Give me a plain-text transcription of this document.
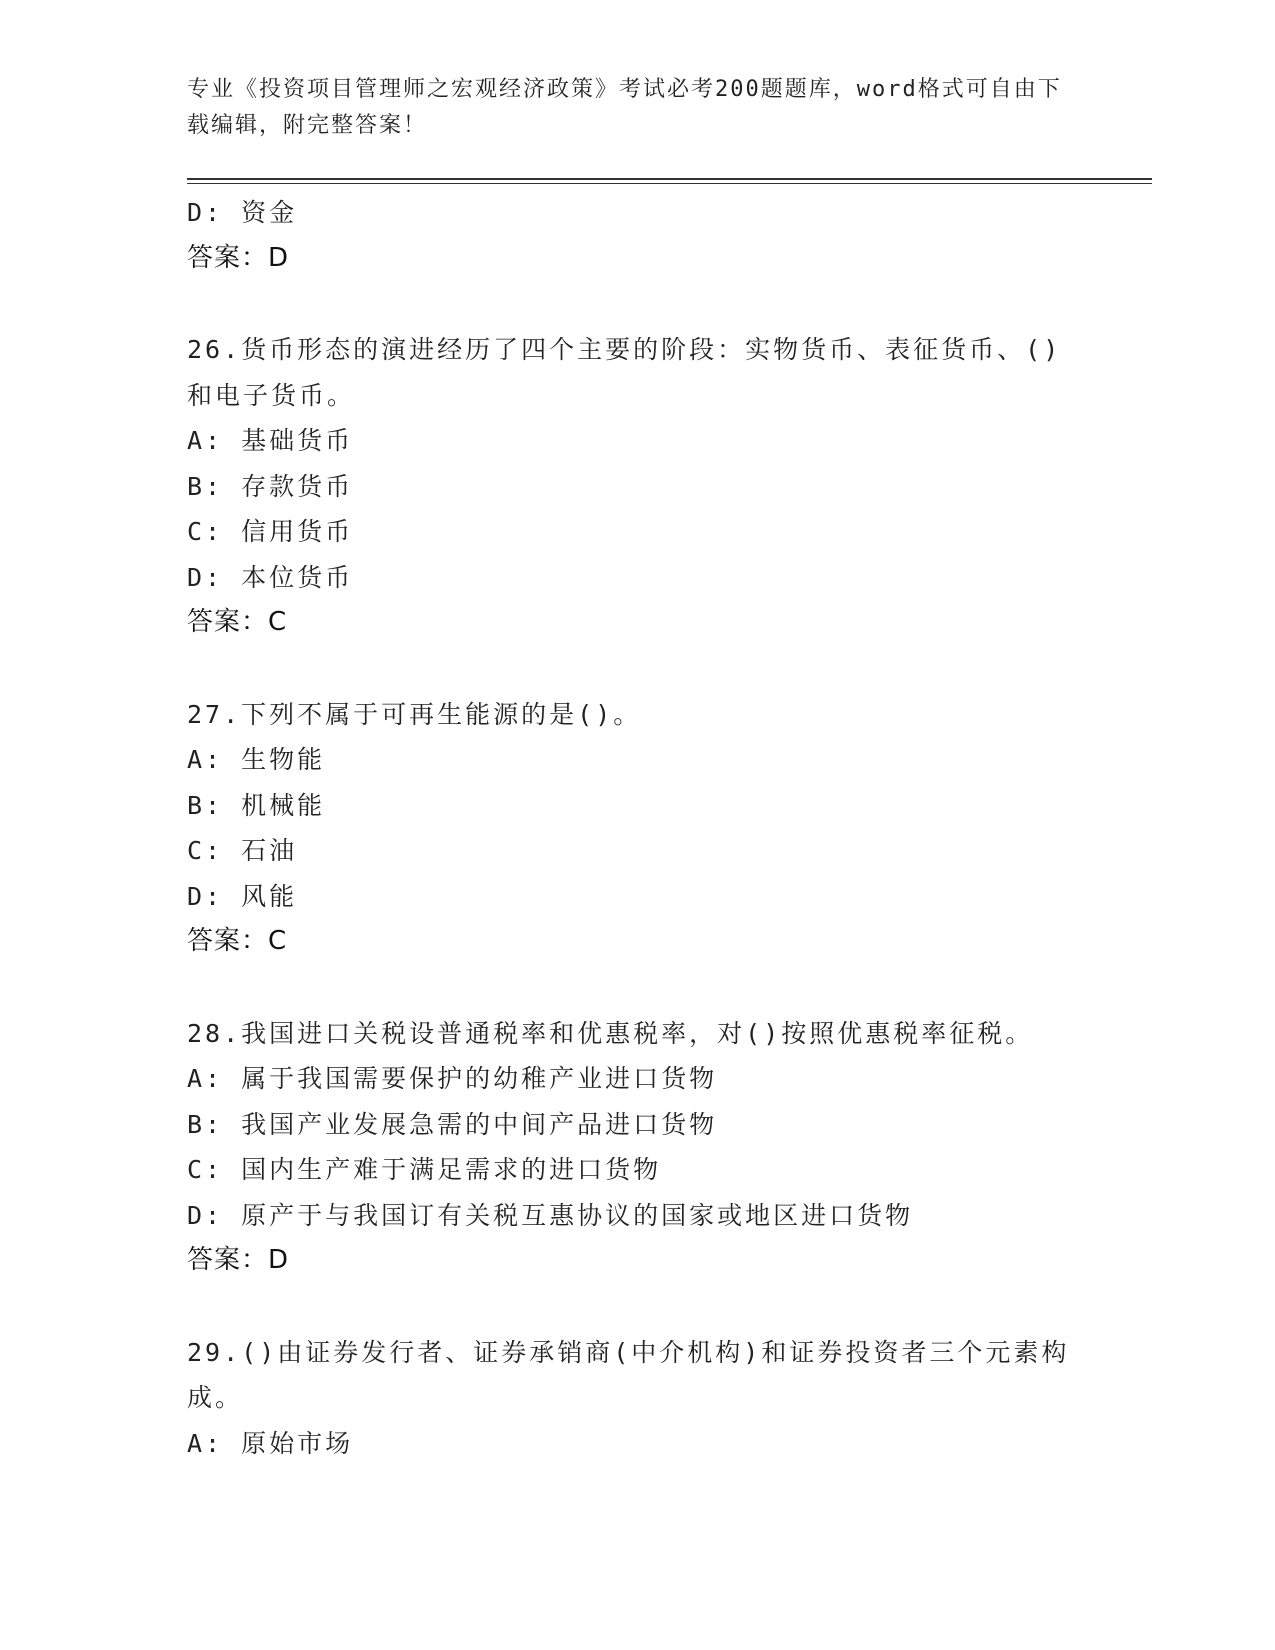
专业《投资项目管理师之宏观经济政策》考试必考200题题库，word格式可自由下载编辑，附完整答案！
D: 资金
答案：D
26.货币形态的演进经历了四个主要的阶段：实物货币、表征货币、()和电子货币。
A: 基础货币
B: 存款货币
C: 信用货币
D: 本位货币
答案：C
27.下列不属于可再生能源的是()。
A: 生物能
B: 机械能
C: 石油
D: 风能
答案：C
28.我国进口关税设普通税率和优惠税率，对()按照优惠税率征税。
A: 属于我国需要保护的幼稚产业进口货物
B: 我国产业发展急需的中间产品进口货物
C: 国内生产难于满足需求的进口货物
D: 原产于与我国订有关税互惠协议的国家或地区进口货物
答案：D
29.()由证券发行者、证券承销商(中介机构)和证券投资者三个元素构成。
A: 原始市场
